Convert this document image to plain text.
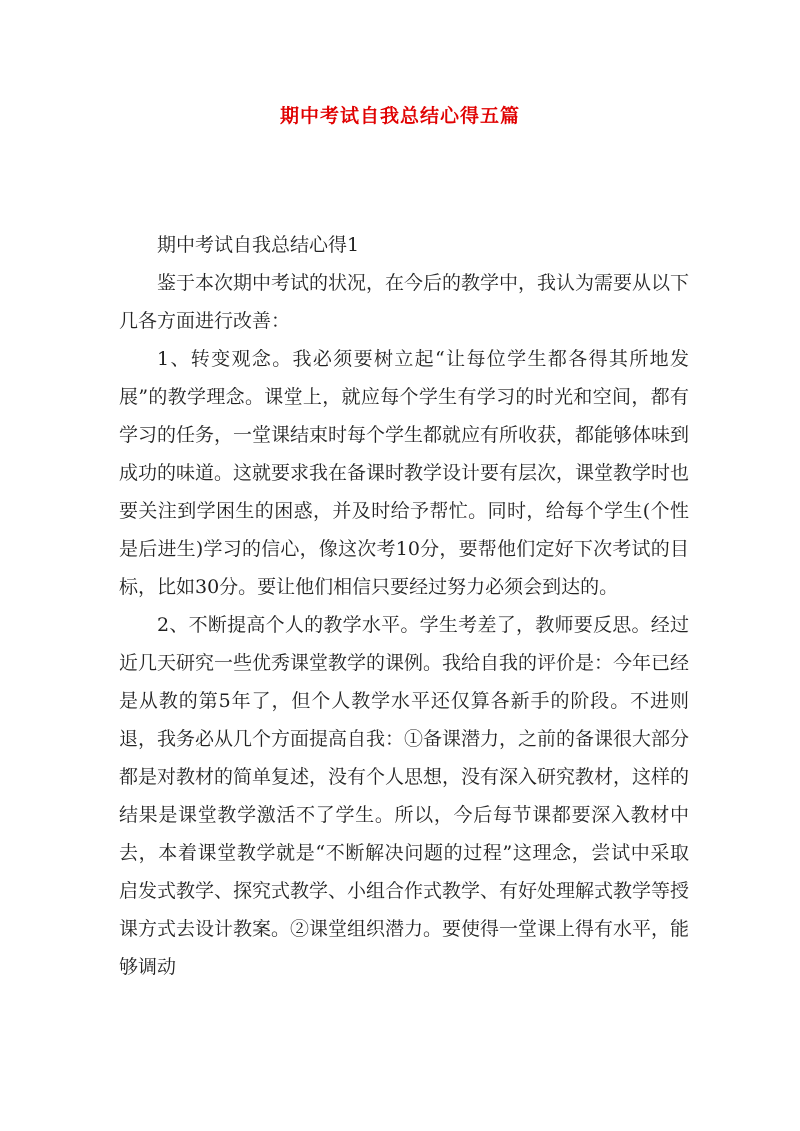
期中考试自我总结心得五篇

期中考试自我总结心得1

鉴于本次期中考试的状况，在今后的教学中，我认为需要从以下几各方面进行改善：

1、转变观念。我必须要树立起“让每位学生都各得其所地发展”的教学理念。课堂上，就应每个学生有学习的时光和空间，都有学习的任务，一堂课结束时每个学生都就应有所收获，都能够体味到成功的味道。这就要求我在备课时教学设计要有层次，课堂教学时也要关注到学困生的困惑，并及时给予帮忙。同时，给每个学生(个性是后进生)学习的信心，像这次考10分，要帮他们定好下次考试的目标，比如30分。要让他们相信只要经过努力必须会到达的。

2、不断提高个人的教学水平。学生考差了，教师要反思。经过近几天研究一些优秀课堂教学的课例。我给自我的评价是：今年已经是从教的第5年了，但个人教学水平还仅算各新手的阶段。不进则退，我务必从几个方面提高自我：①备课潜力，之前的备课很大部分都是对教材的简单复述，没有个人思想，没有深入研究教材，这样的结果是课堂教学激活不了学生。所以，今后每节课都要深入教材中去，本着课堂教学就是“不断解决问题的过程”这理念，尝试中采取启发式教学、探究式教学、小组合作式教学、有好处理解式教学等授课方式去设计教案。②课堂组织潜力。要使得一堂课上得有水平，能够调动
